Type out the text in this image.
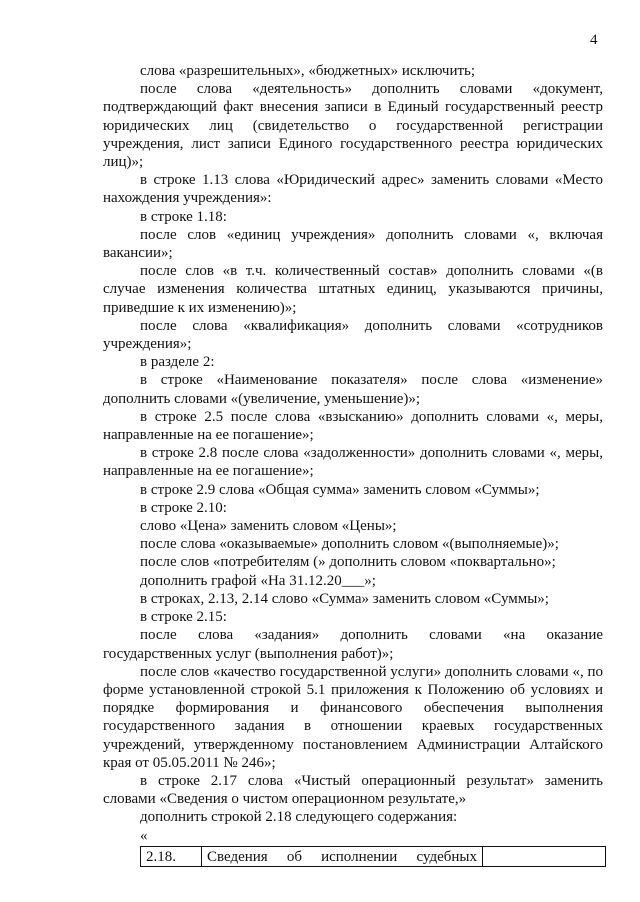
4

слова «разрешительных», «бюджетных» исключить;

после слова «деятельность» дополнить словами «документ, подтверждающий факт внесения записи в Единый государственный реестр юридических лиц (свидетельство о государственной регистрации учреждения, лист записи Единого государственного реестра юридических лиц)»;

в строке 1.13 слова «Юридический адрес» заменить словами «Место нахождения учреждения»:

в строке 1.18:

после слов «единиц учреждения» дополнить словами «, включая вакансии»;

после слов «в т.ч. количественный состав» дополнить словами «(в случае изменения количества штатных единиц, указываются причины, приведшие к их изменению)»;

после слова «квалификация» дополнить словами «сотрудников учреждения»;

в разделе 2:

в строке «Наименование показателя» после слова «изменение» дополнить словами «(увеличение, уменьшение)»;

в строке 2.5 после слова «взысканию» дополнить словами «, меры, направленные на ее погашение»;

в строке 2.8 после слова «задолженности» дополнить словами «, меры, направленные на ее погашение»;

в строке 2.9 слова «Общая сумма» заменить словом «Суммы»;

в строке 2.10:

слово «Цена» заменить словом «Цены»;

после слова «оказываемые» дополнить словом «(выполняемые)»;

после слов «потребителям (» дополнить словом «поквартально»;

дополнить графой «На 31.12.20___»;

в строках, 2.13, 2.14 слово «Сумма» заменить словом «Суммы»;

в строке 2.15:

после слова «задания» дополнить словами «на оказание государственных услуг (выполнения работ)»;

после слов «качество государственной услуги» дополнить словами «, по форме установленной строкой 5.1 приложения к Положению об условиях и порядке формирования и финансового обеспечения выполнения государственного задания в отношении краевых государственных учреждений, утвержденному постановлением Администрации Алтайского края от 05.05.2011 № 246»;

в строке 2.17 слова «Чистый операционный результат» заменить словами «Сведения о чистом операционном результате,»

дополнить строкой 2.18 следующего содержания:

«

2.18.	Сведения об исполнении судебных	
